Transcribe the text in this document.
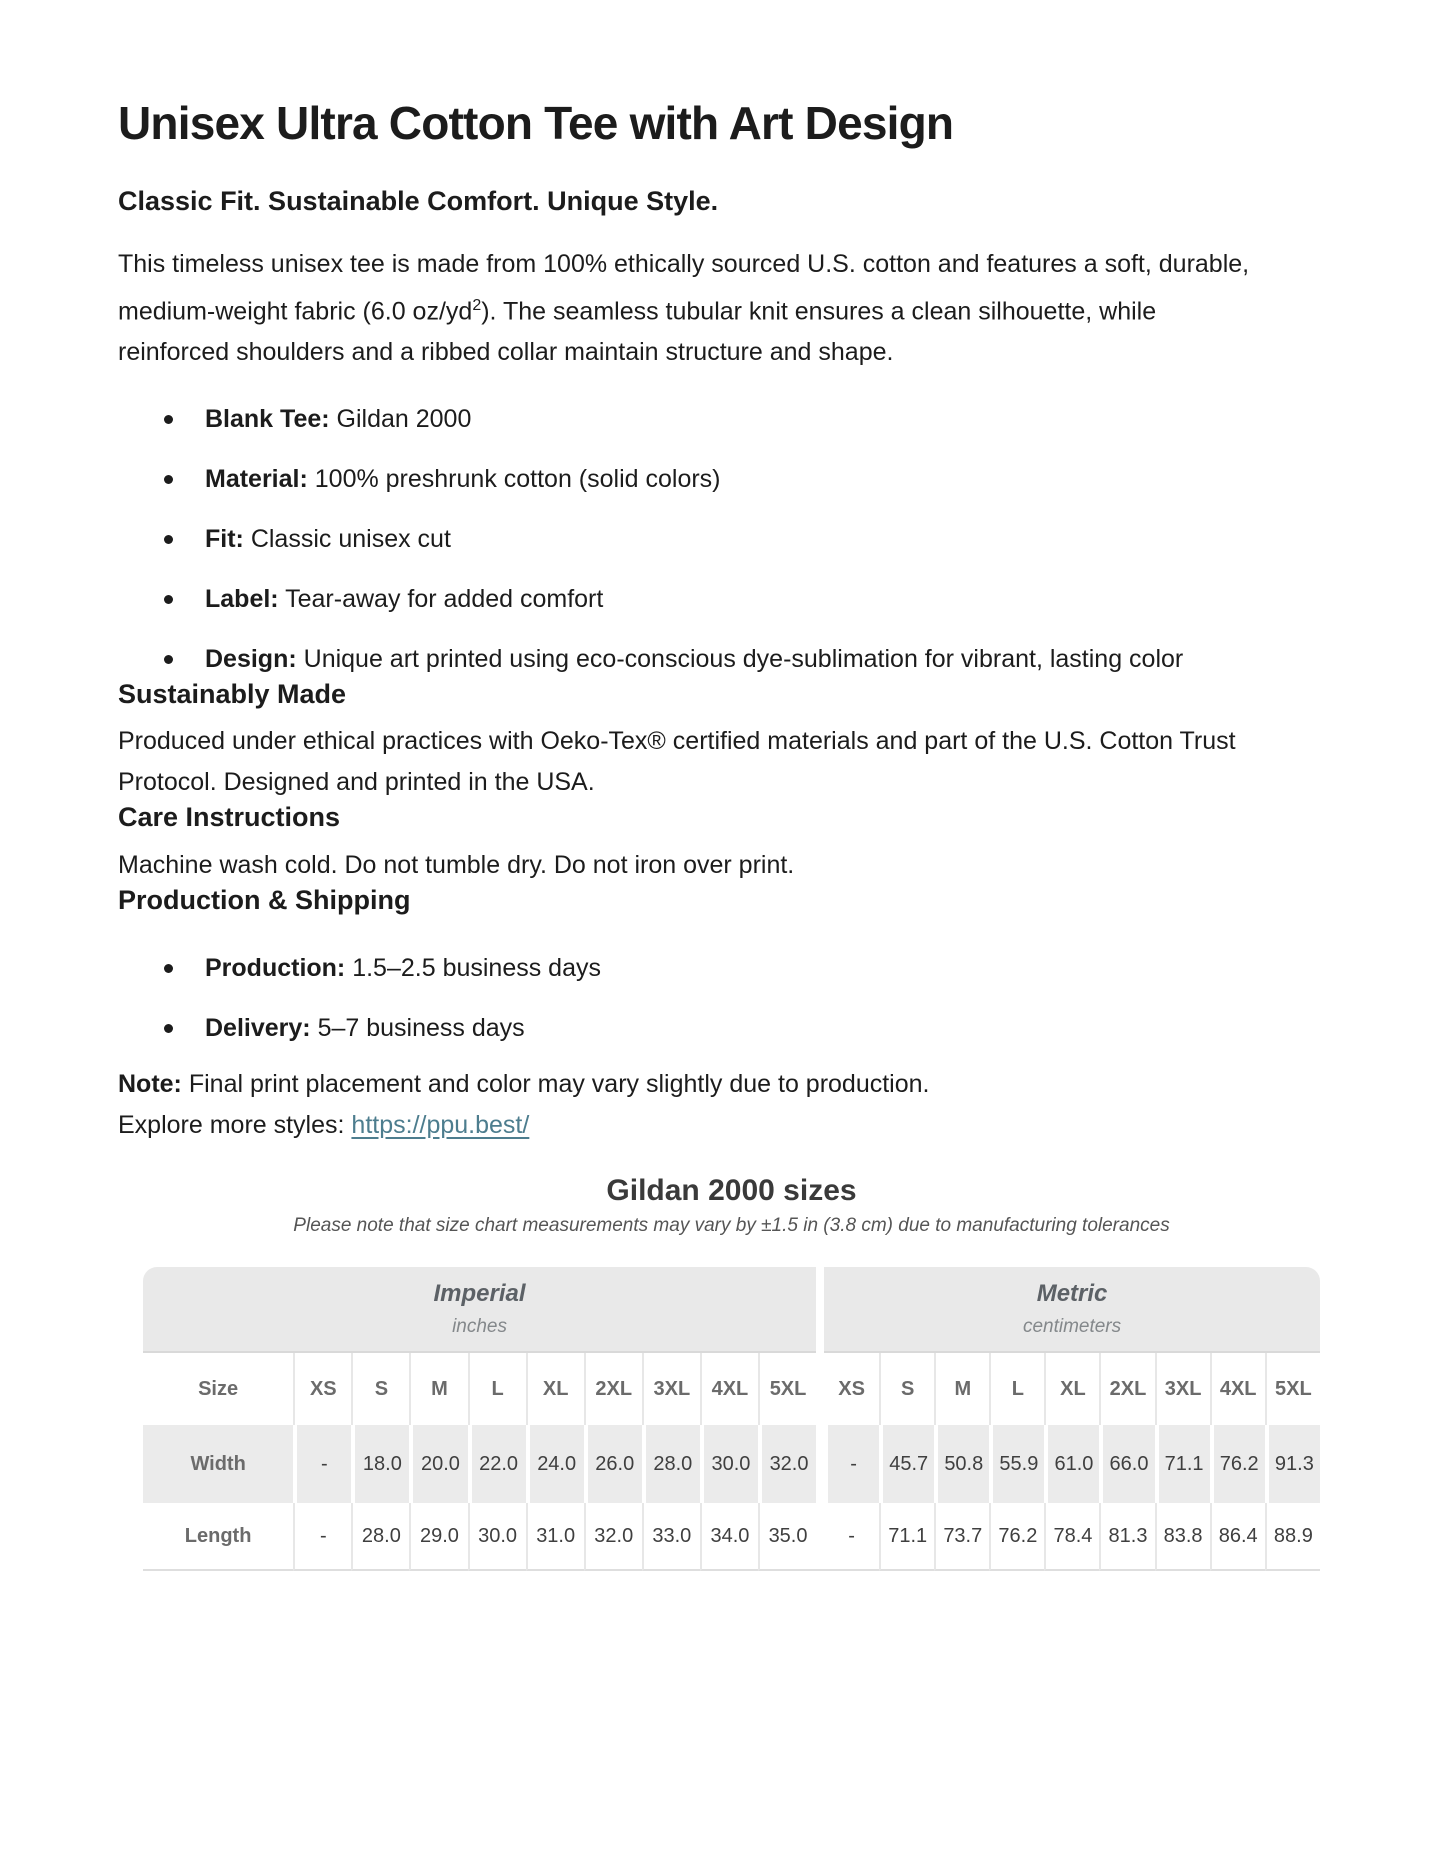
Unisex Ultra Cotton Tee with Art Design
Classic Fit. Sustainable Comfort. Unique Style.

This timeless unisex tee is made from 100% ethically sourced U.S. cotton and features a soft, durable, medium-weight fabric (6.0 $oz/yd^2$). The seamless tubular knit ensures a clean silhouette, while reinforced shoulders and a ribbed collar maintain structure and shape.

Blank Tee: Gildan 2000
Material: 100% preshrunk cotton (solid colors)
Fit: Classic unisex cut
Label: Tear-away for added comfort
Design: Unique art printed using eco-conscious dye-sublimation for vibrant, lasting color
Sustainably Made

Produced under ethical practices with Oeko-Tex® certified materials and part of the U.S. Cotton Trust Protocol. Designed and printed in the USA.

Care Instructions

Machine wash cold. Do not tumble dry. Do not iron over print.

Production & Shipping
Production: 1.5–2.5 business days
Delivery: 5–7 business days

Note: Final print placement and color may vary slightly due to production.

Explore more styles: https://ppu.best/

Gildan 2000 sizes

Please note that size chart measurements may vary by ±1.5 in (3.8 cm) due to manufacturing tolerances

Imperial
inches

Metric
centimeters

Size	XS	S	M	L	XL	2XL	3XL	4XL	5XL		XS	S	M	L	XL	2XL	3XL	4XL	5XL
Width	-	18.0	20.0	22.0	24.0	26.0	28.0	30.0	32.0		-	45.7	50.8	55.9	61.0	66.0	71.1	76.2	91.3
Length	-	28.0	29.0	30.0	31.0	32.0	33.0	34.0	35.0		-	71.1	73.7	76.2	78.4	81.3	83.8	86.4	88.9
